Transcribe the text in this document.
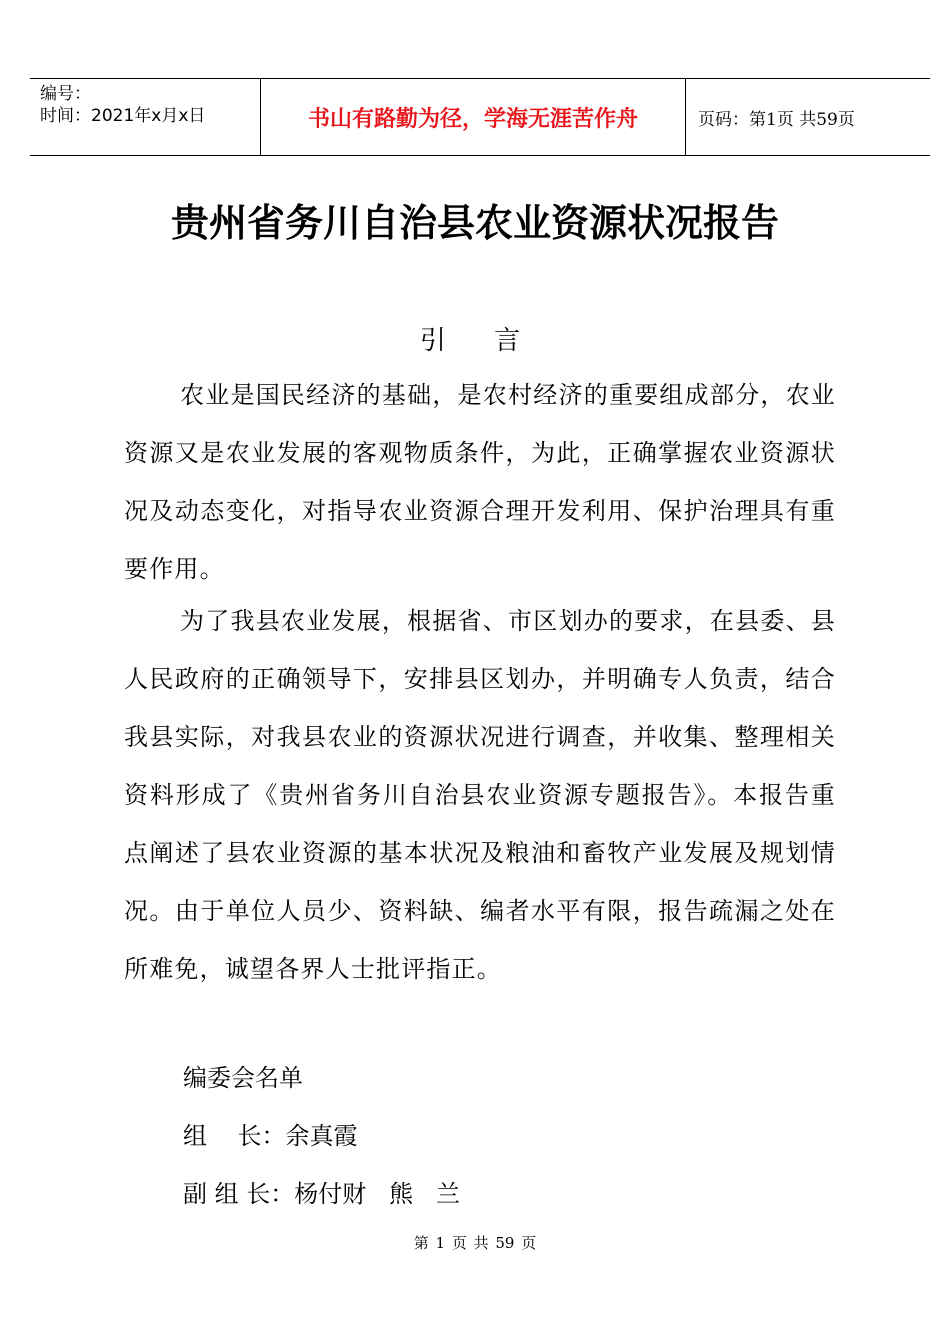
编号：
时间：2021年x月x日	书山有路勤为径，学海无涯苦作舟	页码：第1页 共59页
贵州省务川自治县农业资源状况报告
引 言

农业是国民经济的基础，是农村经济的重要组成部分，农业资源又是农业发展的客观物质条件，为此，正确掌握农业资源状况及动态变化，对指导农业资源合理开发利用、保护治理具有重要作用。

为了我县农业发展，根据省、市区划办的要求，在县委、县人民政府的正确领导下，安排县区划办，并明确专人负责，结合我县实际，对我县农业的资源状况进行调查，并收集、整理相关资料形成了《贵州省务川自治县农业资源专题报告》。本报告重点阐述了县农业资源的基本状况及粮油和畜牧产业发展及规划情况。由于单位人员少、资料缺、编者水平有限，报告疏漏之处在所难免，诚望各界人士批评指正。

编委会名单
组    长：余真霞
副 组 长：杨付财   熊   兰
第 1 页 共 59 页
